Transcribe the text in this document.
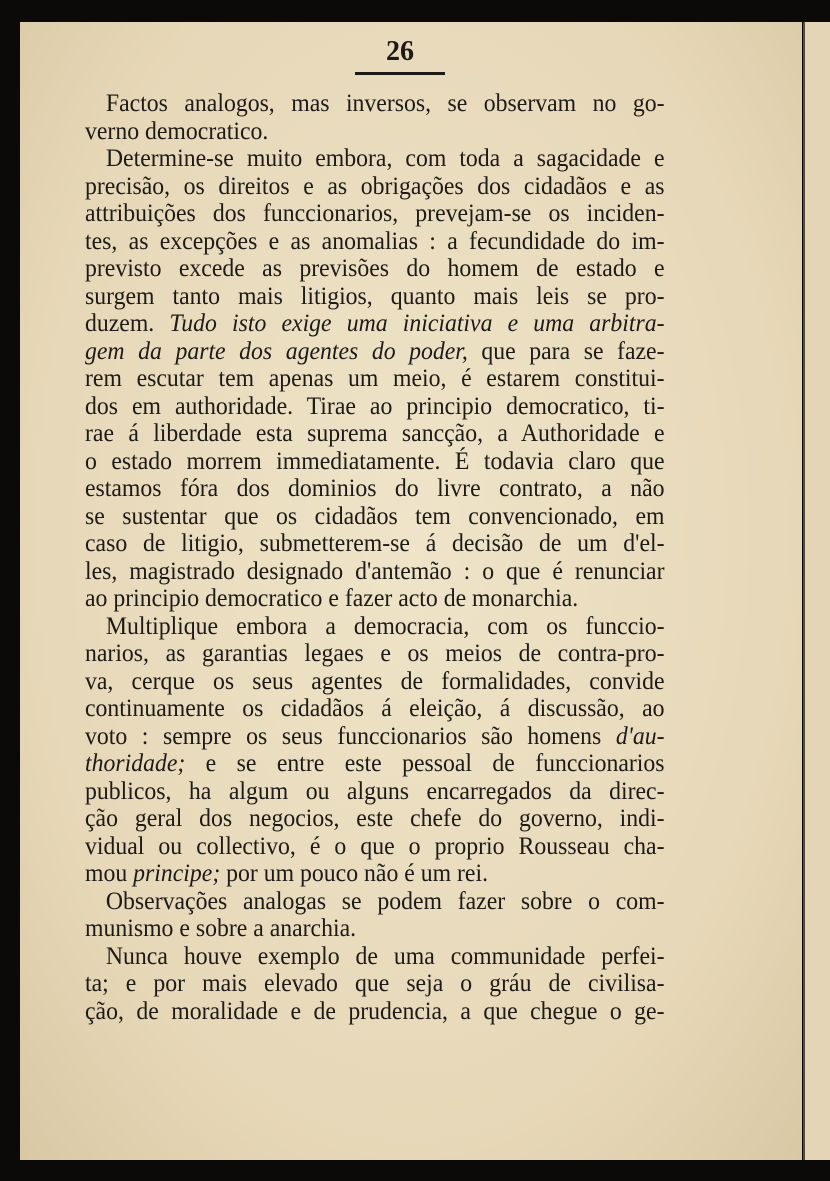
26
Factos analogos, mas inversos, se observam no go-
verno democratico.
Determine-se muito embora, com toda a sagacidade e
precisão, os direitos e as obrigações dos cidadãos e as
attribuições dos funccionarios, prevejam-se os inciden-
tes, as excepções e as anomalias : a fecundidade do im-
previsto excede as previsões do homem de estado e
surgem tanto mais litigios, quanto mais leis se pro-
duzem. Tudo isto exige uma iniciativa e uma arbitra-
gem da parte dos agentes do poder, que para se faze-
rem escutar tem apenas um meio, é estarem constitui-
dos em authoridade. Tirae ao principio democratico, ti-
rae á liberdade esta suprema sancção, a Authoridade e
o estado morrem immediatamente. É todavia claro que
estamos fóra dos dominios do livre contrato, a não
se sustentar que os cidadãos tem convencionado, em
caso de litigio, submetterem-se á decisão de um d'el-
les, magistrado designado d'antemão : o que é renunciar
ao principio democratico e fazer acto de monarchia.
Multiplique embora a democracia, com os funccio-
narios, as garantias legaes e os meios de contra-pro-
va, cerque os seus agentes de formalidades, convide
continuamente os cidadãos á eleição, á discussão, ao
voto : sempre os seus funccionarios são homens d'au-
thoridade; e se entre este pessoal de funccionarios
publicos, ha algum ou alguns encarregados da direc-
ção geral dos negocios, este chefe do governo, indi-
vidual ou collectivo, é o que o proprio Rousseau cha-
mou principe; por um pouco não é um rei.
Observações analogas se podem fazer sobre o com-
munismo e sobre a anarchia.
Nunca houve exemplo de uma communidade perfei-
ta; e por mais elevado que seja o gráu de civilisa-
ção, de moralidade e de prudencia, a que chegue o ge-
